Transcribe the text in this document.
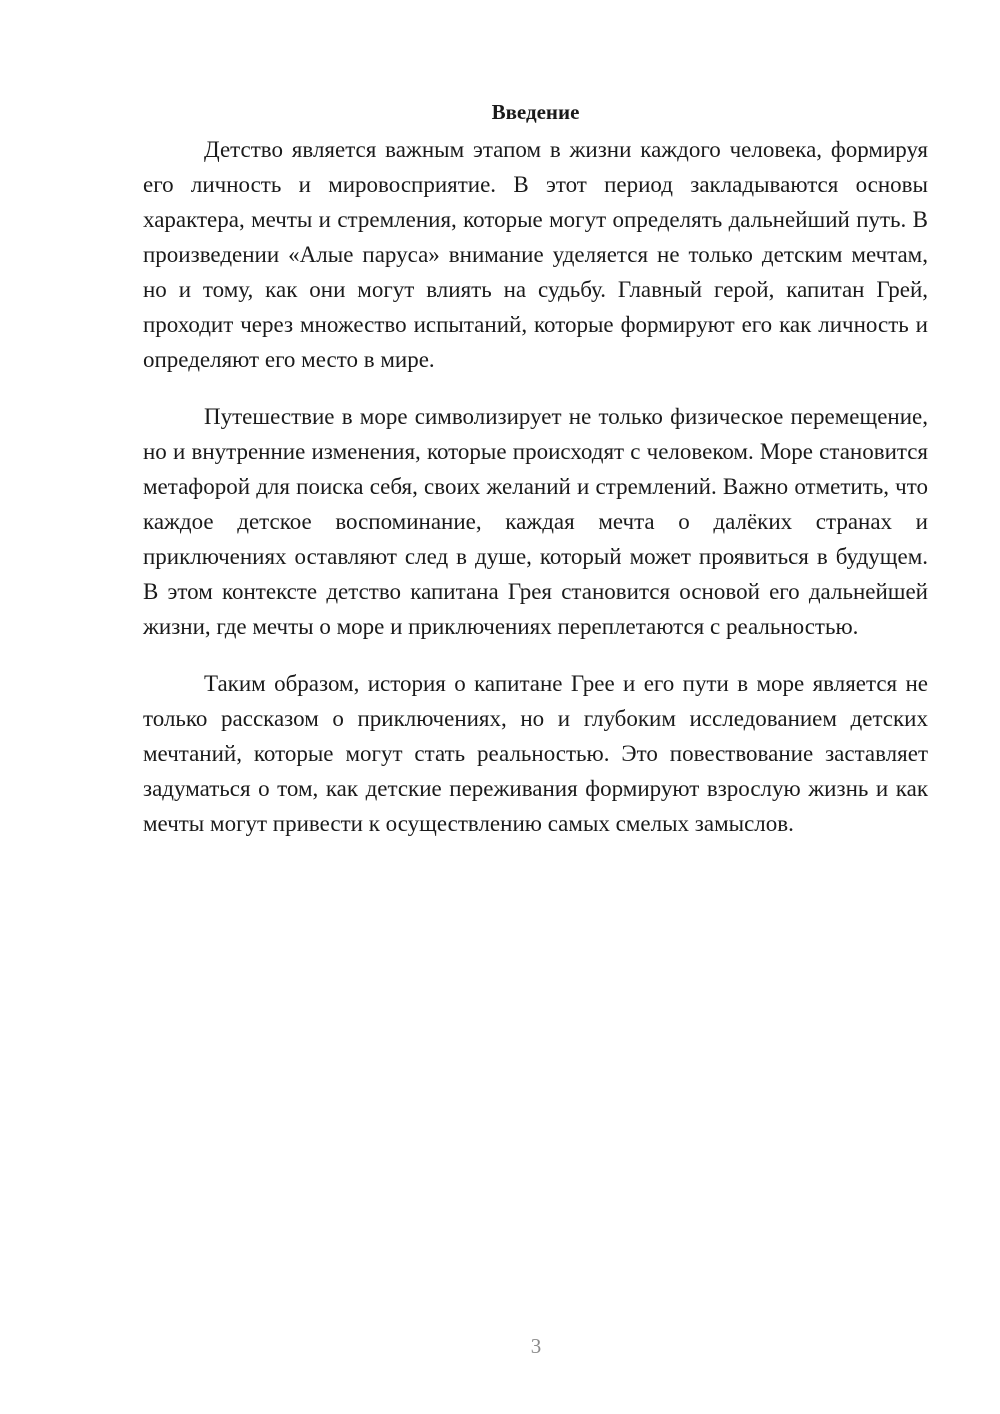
Введение

Детство является важным этапом в жизни каждого человека, формируя его личность и мировосприятие. В этот период закладываются основы характера, мечты и стремления, которые могут определять дальнейший путь. В произведении «Алые паруса» внимание уделяется не только детским мечтам, но и тому, как они могут влиять на судьбу. Главный герой, капитан Грей, проходит через множество испытаний, которые формируют его как личность и определяют его место в мире.

Путешествие в море символизирует не только физическое перемещение, но и внутренние изменения, которые происходят с человеком. Море становится метафорой для поиска себя, своих желаний и стремлений. Важно отметить, что каждое детское воспоминание, каждая мечта о далёких странах и приключениях оставляют след в душе, который может проявиться в будущем. В этом контексте детство капитана Грея становится основой его дальнейшей жизни, где мечты о море и приключениях переплетаются с реальностью.

Таким образом, история о капитане Грее и его пути в море является не только рассказом о приключениях, но и глубоким исследованием детских мечтаний, которые могут стать реальностью. Это повествование заставляет задуматься о том, как детские переживания формируют взрослую жизнь и как мечты могут привести к осуществлению самых смелых замыслов.

3
